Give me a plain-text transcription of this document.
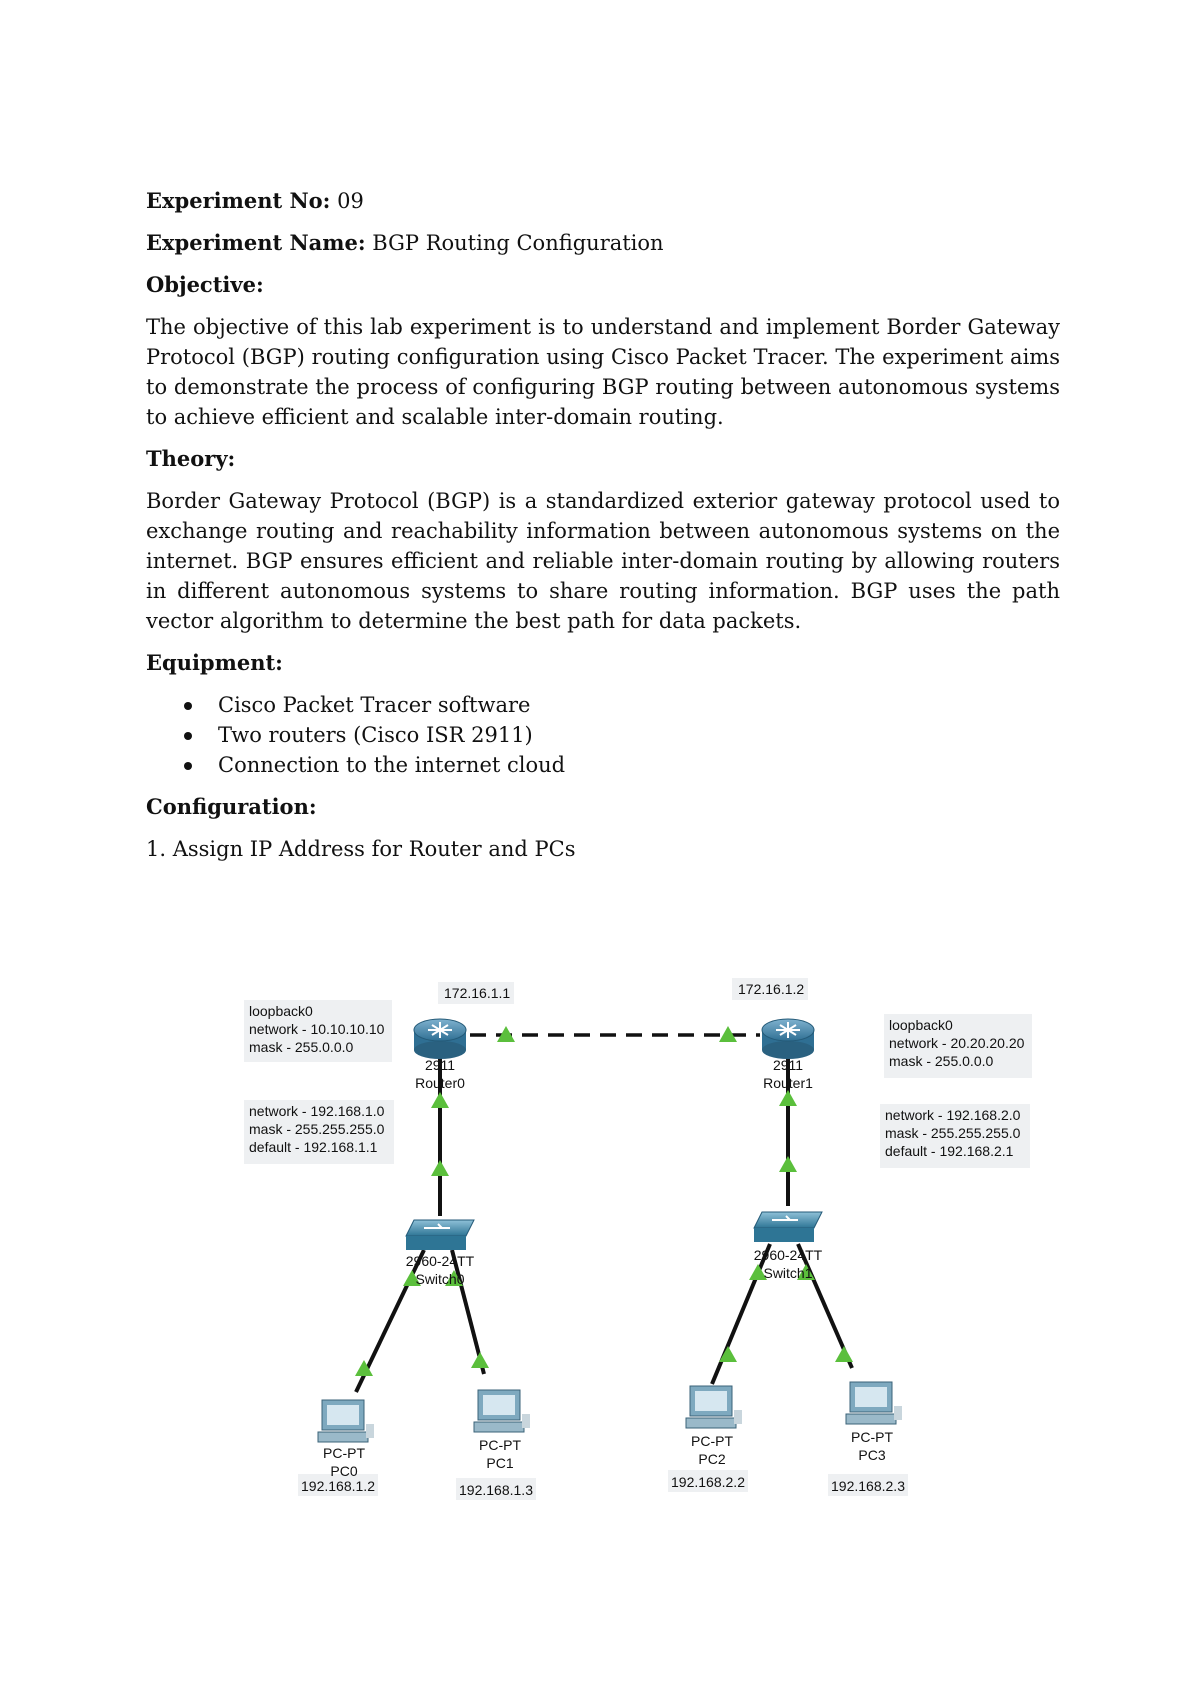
Experiment No: 09
Experiment Name: BGP Routing Configuration
Objective:

The objective of this lab experiment is to understand and implement Border Gateway Protocol (BGP) routing configuration using Cisco Packet Tracer. The experiment aims to demonstrate the process of configuring BGP routing between autonomous systems to achieve efficient and scalable inter-domain routing.

Theory:

Border Gateway Protocol (BGP) is a standardized exterior gateway protocol used to exchange routing and reachability information between autonomous systems on the internet. BGP ensures efficient and reliable inter-domain routing by allowing routers in different autonomous systems to share routing information. BGP uses the path vector algorithm to determine the best path for data packets.

Equipment:
Cisco Packet Tracer software
Two routers (Cisco ISR 2911)
Connection to the internet cloud
Configuration:
1. Assign IP Address for Router and PCs
172.16.1.1	172.16.1.2
loopback0
network - 10.10.10.10
mask - 255.0.0.0
loopback0
network - 20.20.20.20
mask - 255.0.0.0
network - 192.168.1.0
mask - 255.255.255.0
default - 192.168.1.1
network - 192.168.2.0
mask - 255.255.255.0
default - 192.168.2.1
2911
Router0
2911
Router1
2960-24TT
Switch0
2960-24TT
Switch1
PC-PT
PC0
192.168.1.2
PC-PT
PC1
192.168.1.3
PC-PT
PC2
192.168.2.2
PC-PT
PC3
192.168.2.3
